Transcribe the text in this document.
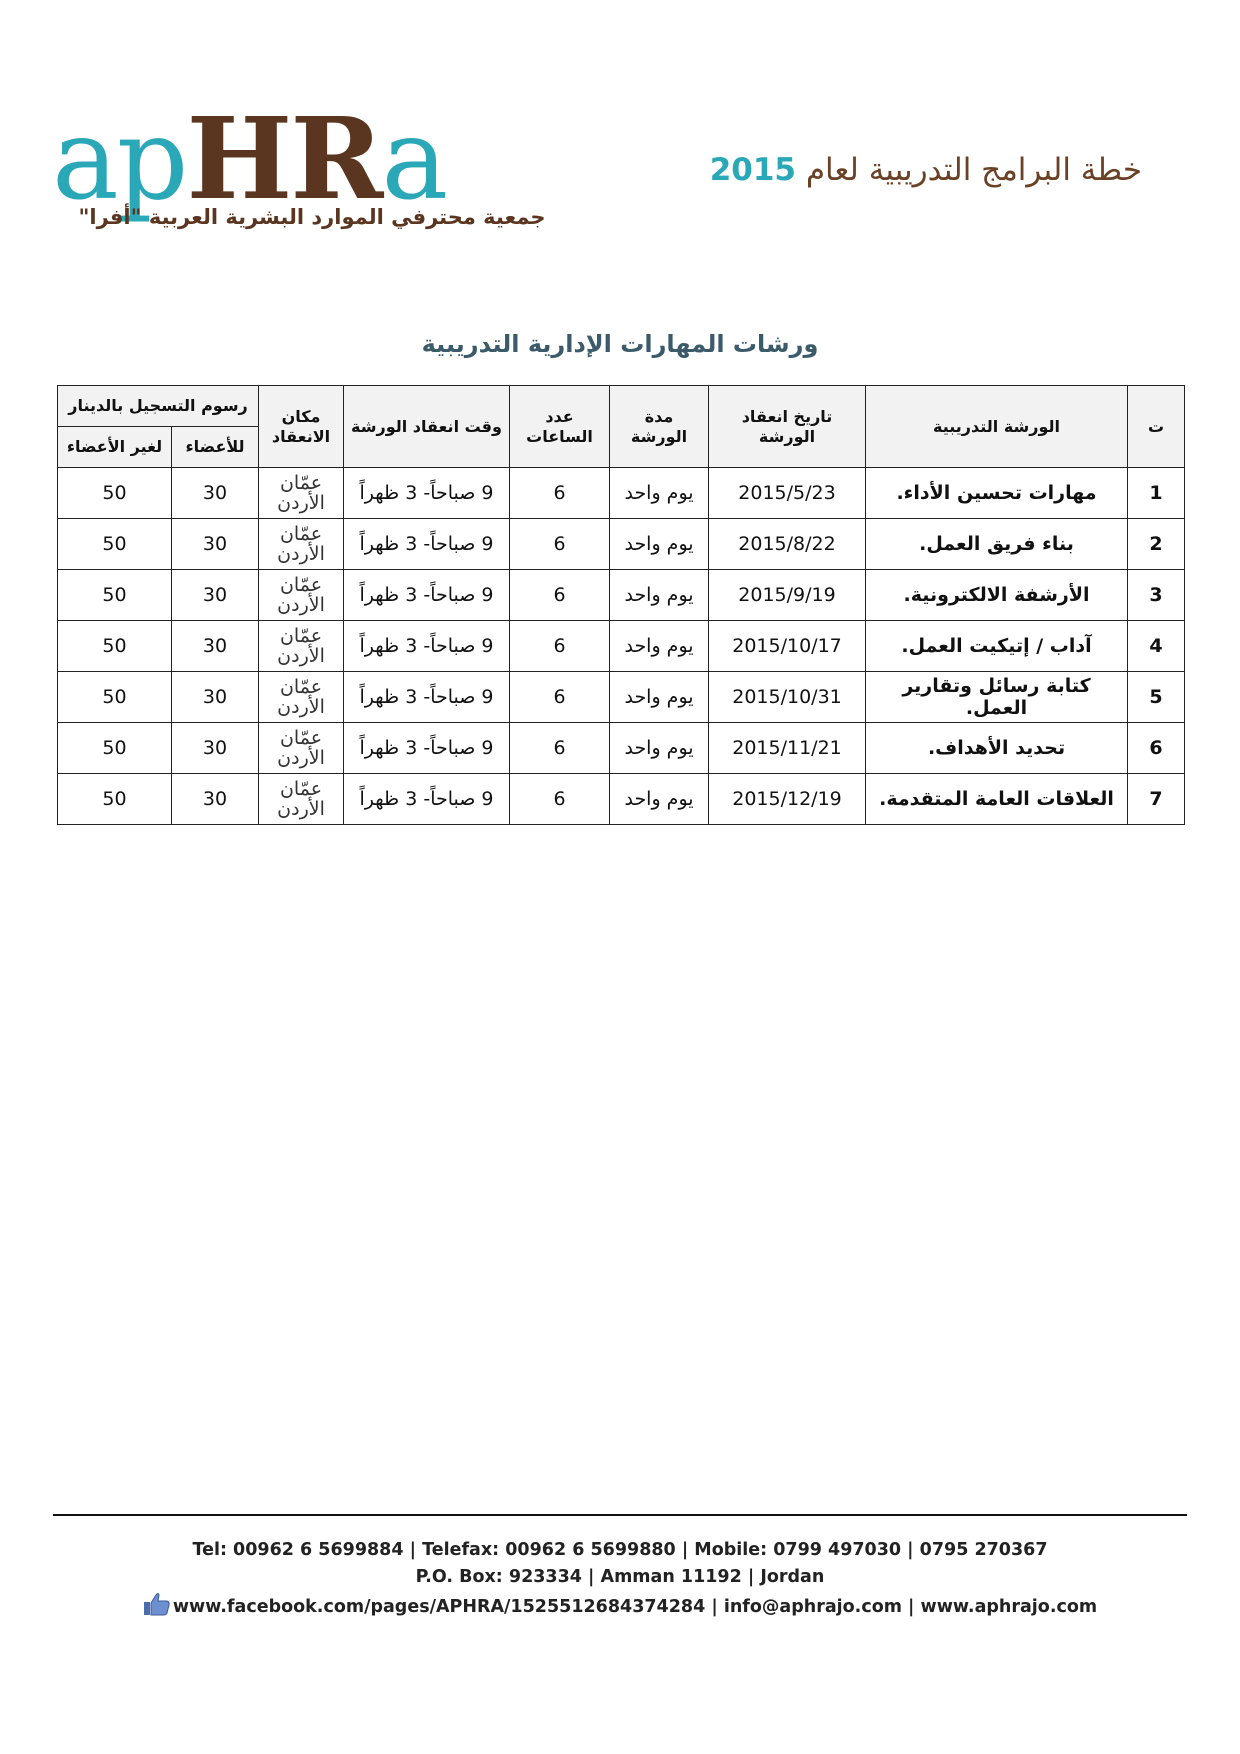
apHRa
جمعية محترفي الموارد البشرية العربية "أفرا"
خطة البرامج التدريبية لعام 2015
ورشات المهارات الإدارية التدريبية
ت	الورشة التدريبية	تاريخ انعقاد الورشة	مدة الورشة	عدد الساعات	وقت انعقاد الورشة	مكان الانعقاد	رسوم التسجيل بالدينار	
							للأعضاء	لغير الأعضاء
1	مهارات تحسين الأداء.	2015/5/23	يوم واحد	6	9 صباحاً- 3 ظهراً	عمّان الأردن	30	50
2	بناء فريق العمل.	2015/8/22	يوم واحد	6	9 صباحاً- 3 ظهراً	عمّان الأردن	30	50
3	الأرشفة الالكترونية.	2015/9/19	يوم واحد	6	9 صباحاً- 3 ظهراً	عمّان الأردن	30	50
4	آداب / إتيكيت العمل.	2015/10/17	يوم واحد	6	9 صباحاً- 3 ظهراً	عمّان الأردن	30	50
5	كتابة رسائل وتقارير العمل.	2015/10/31	يوم واحد	6	9 صباحاً- 3 ظهراً	عمّان الأردن	30	50
6	تحديد الأهداف.	2015/11/21	يوم واحد	6	9 صباحاً- 3 ظهراً	عمّان الأردن	30	50
7	العلاقات العامة المتقدمة.	2015/12/19	يوم واحد	6	9 صباحاً- 3 ظهراً	عمّان الأردن	30	50
Tel: 00962 6 5699884 | Telefax: 00962 6 5699880 | Mobile: 0799 497030 | 0795 270367
P.O. Box: 923334 | Amman 11192 | Jordan
www.facebook.com/pages/APHRA/1525512684374284 | info@aphrajo.com | www.aphrajo.com
